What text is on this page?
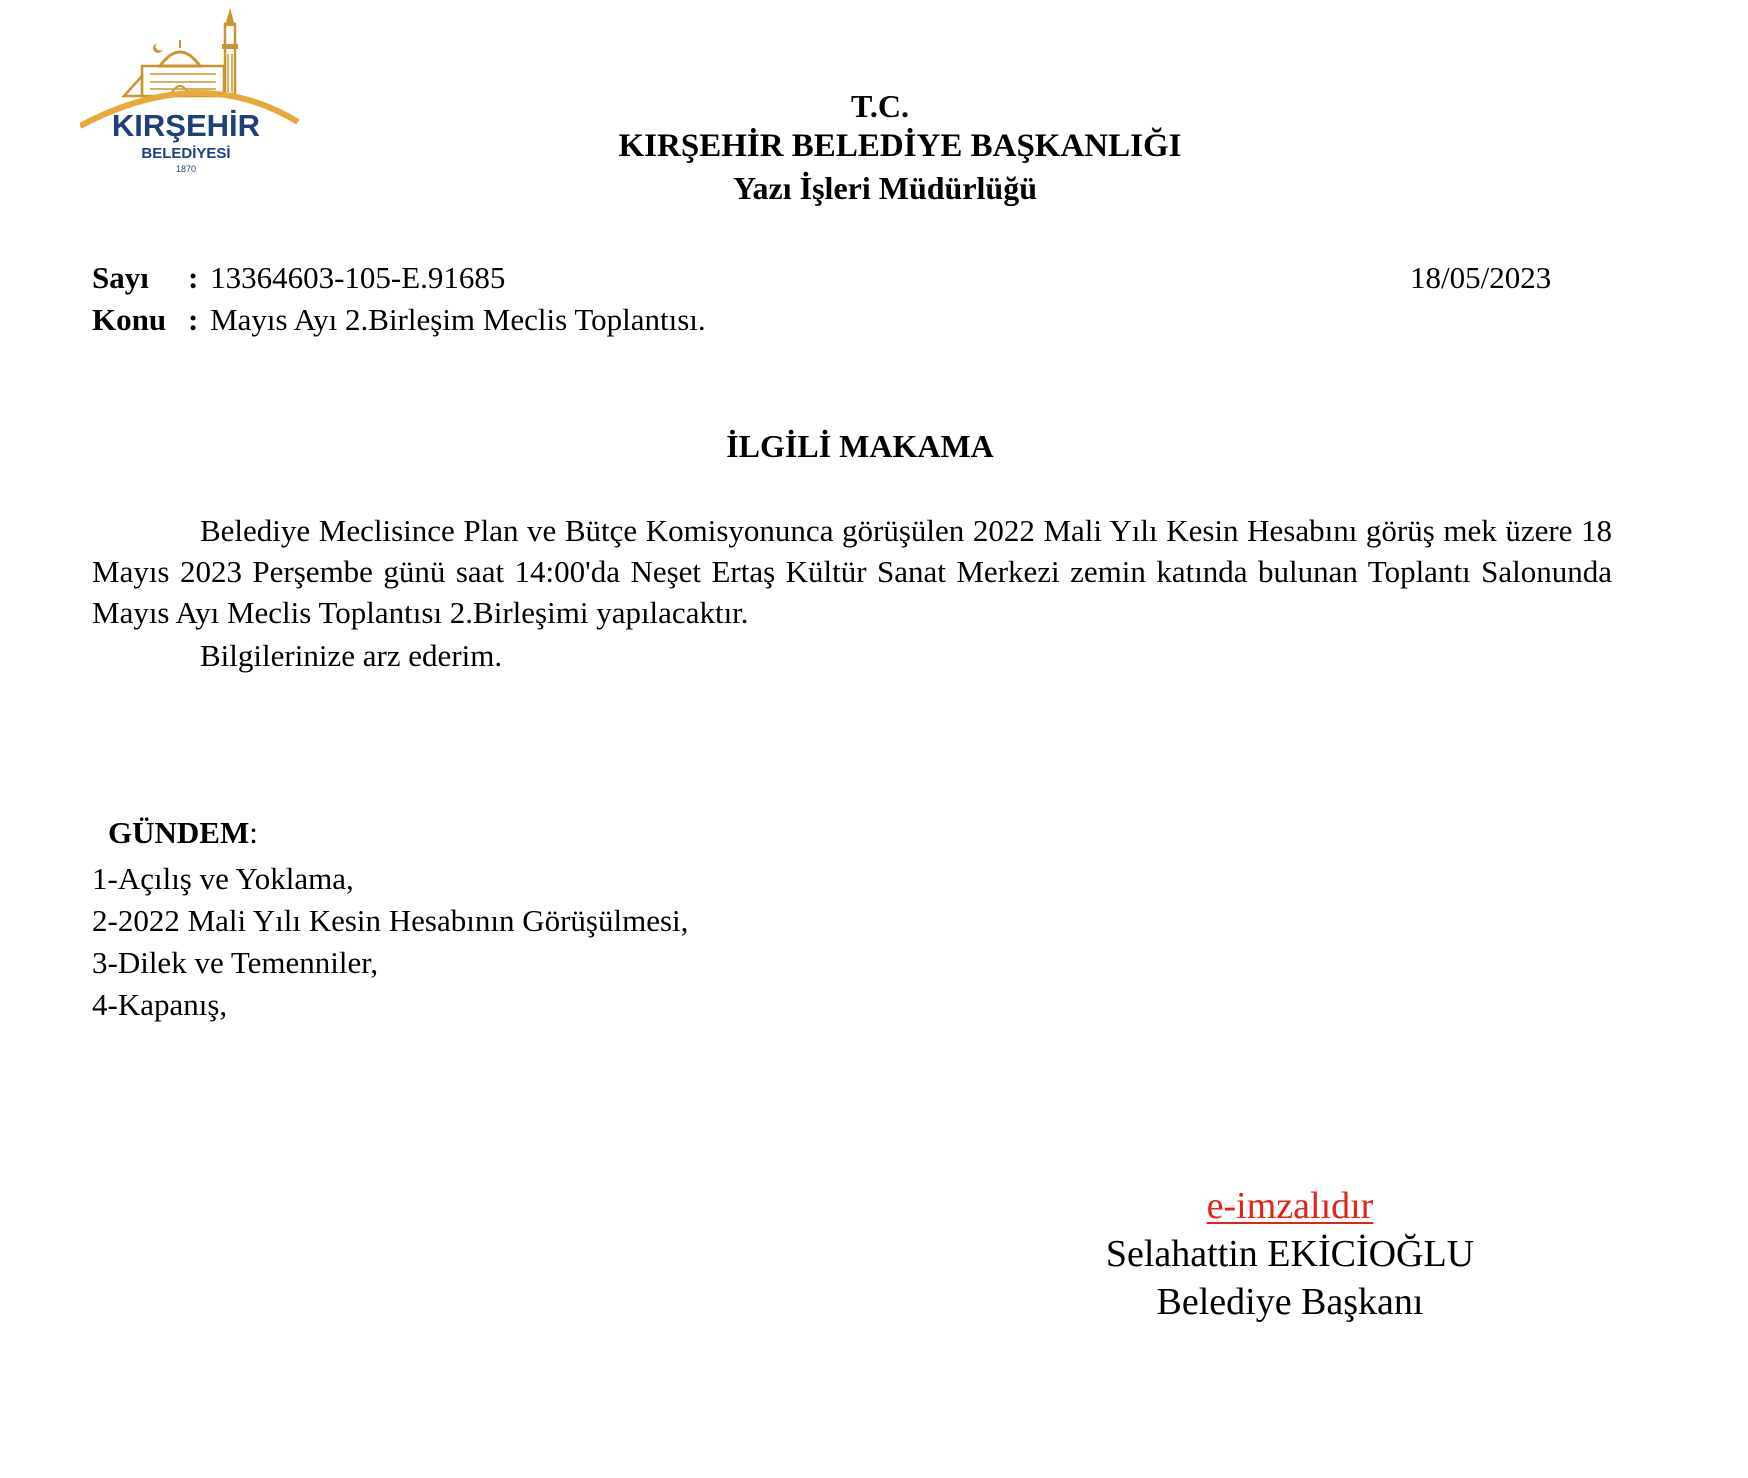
KIRŞEHİR
BELEDİYESİ
1870
T.C.
KIRŞEHİR BELEDİYE BAŞKANLIĞI
Yazı İşleri Müdürlüğü
Sayı : 13364603-105-E.91685	18/05/2023
Konu : Mayıs Ayı 2.Birleşim Meclis Toplantısı.
İLGİLİ MAKAMA
Belediye Meclisince Plan ve Bütçe Komisyonunca görüşülen 2022 Mali Yılı Kesin Hesabını görüş mek üzere 18 Mayıs 2023 Perşembe günü saat 14:00'da Neşet Ertaş Kültür Sanat Merkezi zemin katında bulunan Toplantı Salonunda Mayıs Ayı Meclis Toplantısı 2.Birleşimi yapılacaktır.
Bilgilerinize arz ederim.
GÜNDEM:
1-Açılış ve Yoklama,
2-2022 Mali Yılı Kesin Hesabının Görüşülmesi,
3-Dilek ve Temenniler,
4-Kapanış,
e-imzalıdır
Selahattin EKİCİOĞLU
Belediye Başkanı
